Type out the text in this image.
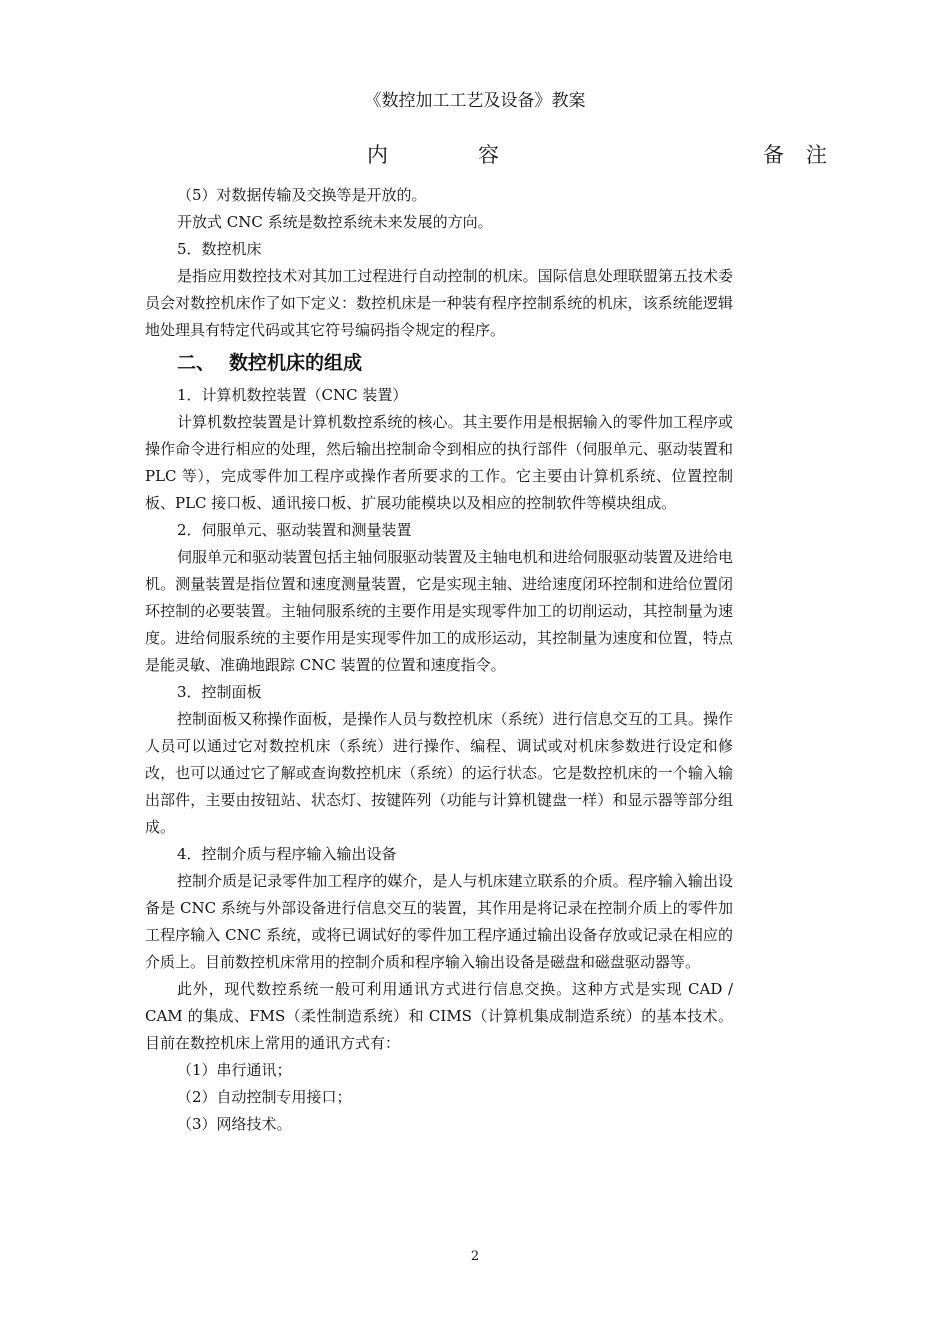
《数控加工工艺及设备》教案
内容	备注

（5）对数据传输及交换等是开放的。

开放式 CNC 系统是数控系统未来发展的方向。

5．数控机床

是指应用数控技术对其加工过程进行自动控制的机床。国际信息处理联盟第五技术委员会对数控机床作了如下定义：数控机床是一种装有程序控制系统的机床，该系统能逻辑地处理具有特定代码或其它符号编码指令规定的程序。

二、 数控机床的组成

1．计算机数控装置（CNC 装置）

计算机数控装置是计算机数控系统的核心。其主要作用是根据输入的零件加工程序或操作命令进行相应的处理，然后输出控制命令到相应的执行部件（伺服单元、驱动装置和 PLC 等），完成零件加工程序或操作者所要求的工作。它主要由计算机系统、位置控制板、PLC 接口板、通讯接口板、扩展功能模块以及相应的控制软件等模块组成。

2．伺服单元、驱动装置和测量装置

伺服单元和驱动装置包括主轴伺服驱动装置及主轴电机和进给伺服驱动装置及进给电机。测量装置是指位置和速度测量装置，它是实现主轴、进给速度闭环控制和进给位置闭环控制的必要装置。主轴伺服系统的主要作用是实现零件加工的切削运动，其控制量为速度。进给伺服系统的主要作用是实现零件加工的成形运动，其控制量为速度和位置，特点是能灵敏、准确地跟踪 CNC 装置的位置和速度指令。

3．控制面板

控制面板又称操作面板，是操作人员与数控机床（系统）进行信息交互的工具。操作人员可以通过它对数控机床（系统）进行操作、编程、调试或对机床参数进行设定和修改，也可以通过它了解或查询数控机床（系统）的运行状态。它是数控机床的一个输入输出部件，主要由按钮站、状态灯、按键阵列（功能与计算机键盘一样）和显示器等部分组成。

4．控制介质与程序输入输出设备

控制介质是记录零件加工程序的媒介，是人与机床建立联系的介质。程序输入输出设备是 CNC 系统与外部设备进行信息交互的装置，其作用是将记录在控制介质上的零件加工程序输入 CNC 系统，或将已调试好的零件加工程序通过输出设备存放或记录在相应的介质上。目前数控机床常用的控制介质和程序输入输出设备是磁盘和磁盘驱动器等。

此外，现代数控系统一般可利用通讯方式进行信息交换。这种方式是实现 CAD / CAM 的集成、FMS（柔性制造系统）和 CIMS（计算机集成制造系统）的基本技术。目前在数控机床上常用的通讯方式有：

（1）串行通讯；

（2）自动控制专用接口；

（3）网络技术。

2
